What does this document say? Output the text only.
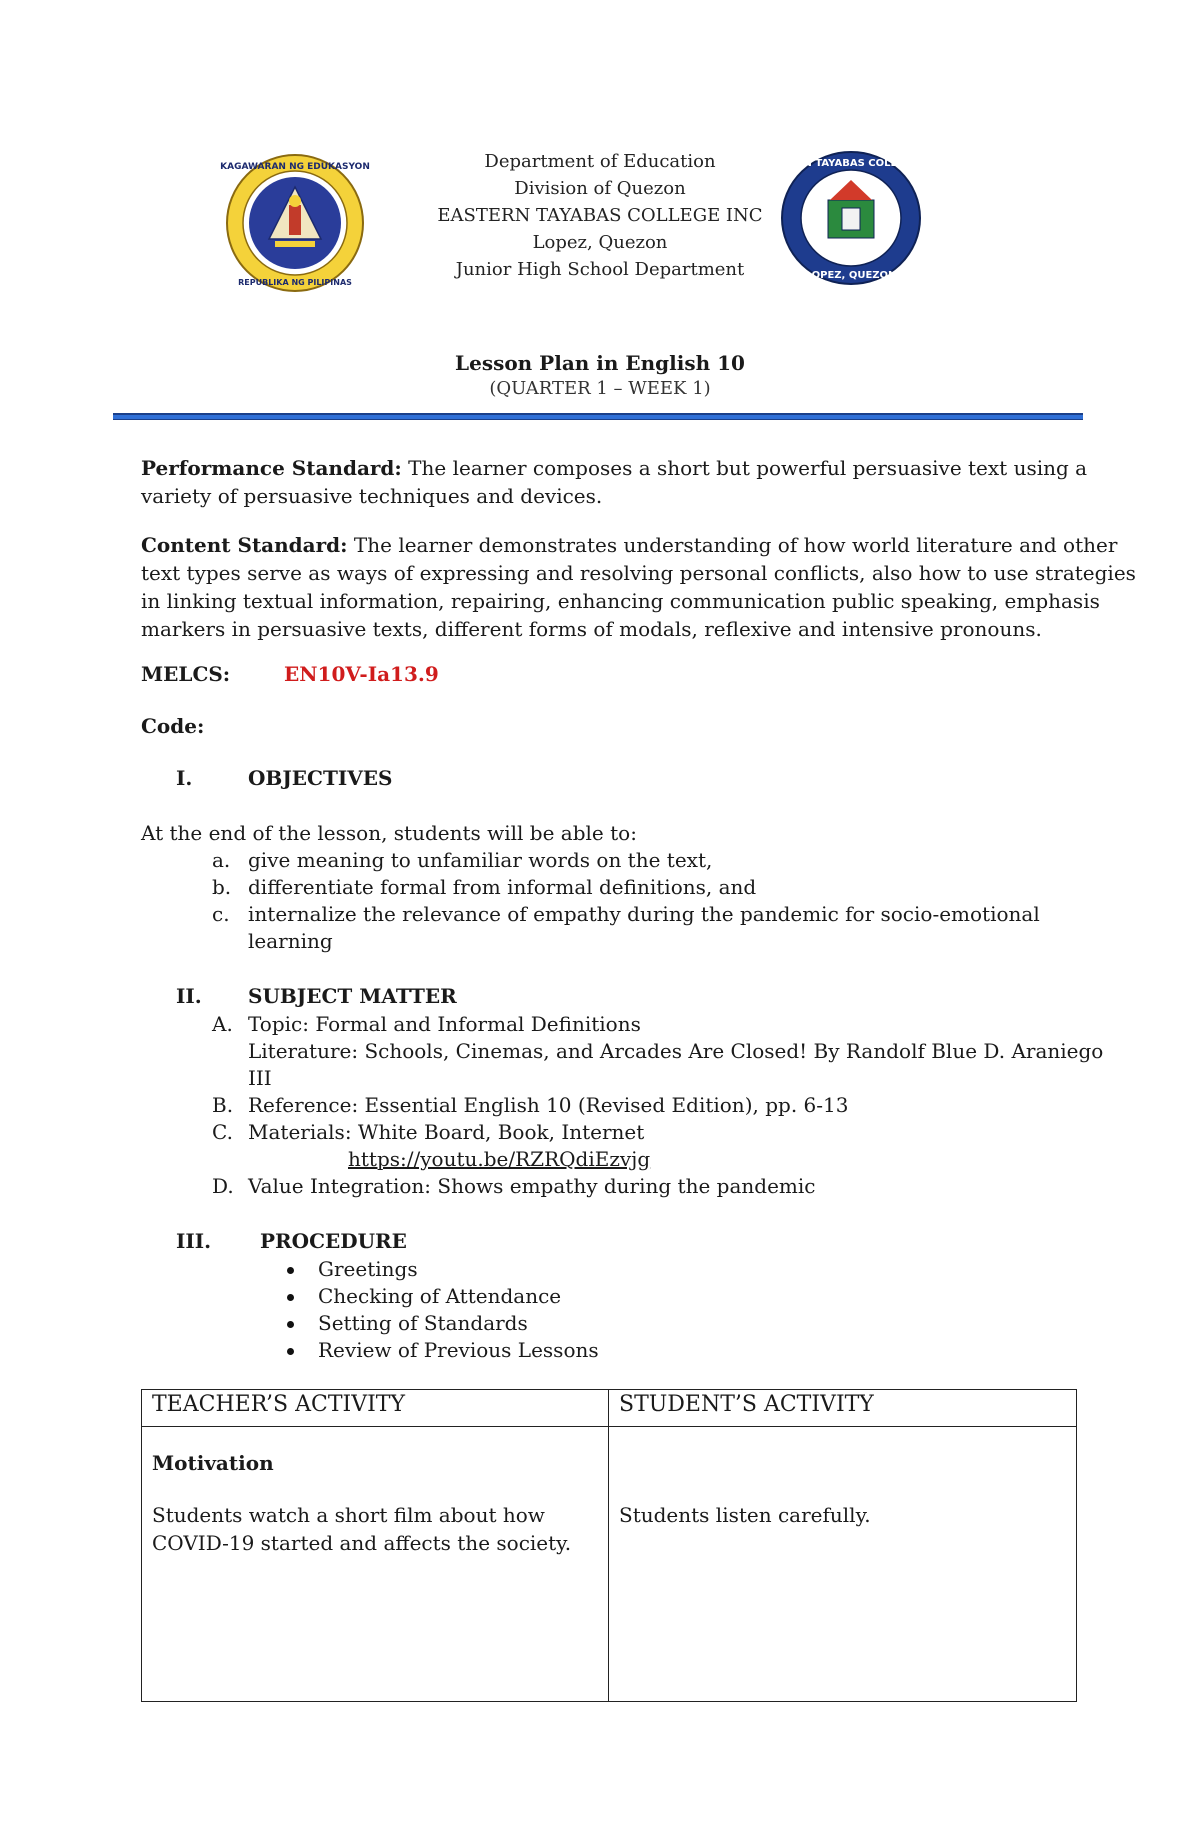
KAGAWARAN NG EDUKASYON
REPUBLIKA NG PILIPINAS
EASTERN TAYABAS COLLEGE INC
LOPEZ, QUEZON
Department of Education
Division of Quezon
EASTERN TAYABAS COLLEGE INC
Lopez, Quezon
Junior High School Department
Lesson Plan in English 10
(QUARTER 1 – WEEK 1)
Performance Standard: The learner composes a short but powerful persuasive text using a
variety of persuasive techniques and devices.
Content Standard: The learner demonstrates understanding of how world literature and other
text types serve as ways of expressing and resolving personal conflicts, also how to use strategies
in linking textual information, repairing, enhancing communication public speaking, emphasis
markers in persuasive texts, different forms of modals, reflexive and intensive pronouns.
MELCS:	EN10V-Ia13.9
Code:
I.	OBJECTIVES
At the end of the lesson, students will be able to:
a. give meaning to unfamiliar words on the text,
b. differentiate formal from informal definitions, and
c. internalize the relevance of empathy during the pandemic for socio-emotional
learning
II. SUBJECT MATTER
A. Topic: Formal and Informal Definitions
Literature: Schools, Cinemas, and Arcades Are Closed! By Randolf Blue D. Araniego
III
B. Reference: Essential English 10 (Revised Edition), pp. 6-13
C. Materials: White Board, Book, Internet
https://youtu.be/RZRQdiEzvjg
D. Value Integration: Shows empathy during the pandemic
III. PROCEDURE
Greetings
Checking of Attendance
Setting of Standards
Review of Previous Lessons
TEACHER’S ACTIVITY	STUDENT’S ACTIVITY

Motivation
Students watch a short film about how
COVID-19 started and affects the society.	Students listen carefully.
